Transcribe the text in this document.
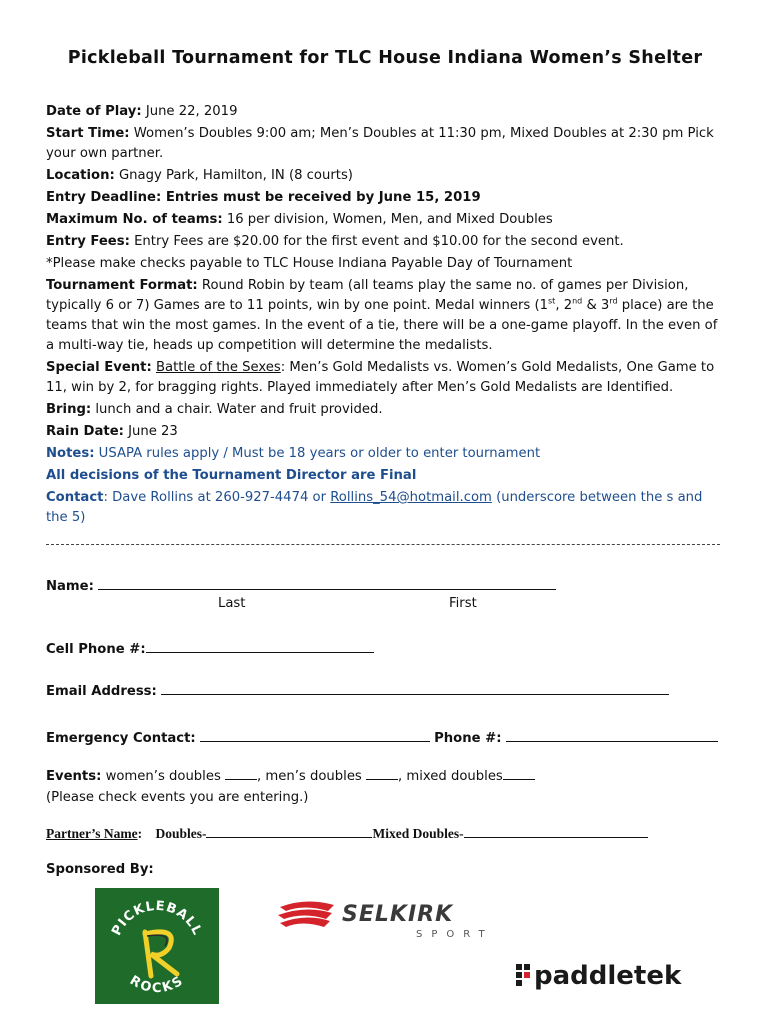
Pickleball Tournament for TLC House Indiana Women’s Shelter
Date of Play: June 22, 2019
Start Time: Women’s Doubles 9:00 am; Men’s Doubles at 11:30 pm, Mixed Doubles at 2:30 pm Pick your own partner.
Location: Gnagy Park, Hamilton, IN (8 courts)
Entry Deadline: Entries must be received by June 15, 2019
Maximum No. of teams: 16 per division, Women, Men, and Mixed Doubles
Entry Fees: Entry Fees are $20.00 for the first event and $10.00 for the second event.
*Please make checks payable to TLC House Indiana Payable Day of Tournament
Tournament Format: Round Robin by team (all teams play the same no. of games per Division, typically 6 or 7) Games are to 11 points, win by one point. Medal winners (1st, 2nd & 3rd place) are the teams that win the most games. In the event of a tie, there will be a one-game playoff. In the even of a multi-way tie, heads up competition will determine the medalists.
Special Event: Battle of the Sexes: Men’s Gold Medalists vs. Women’s Gold Medalists, One Game to 11, win by 2, for bragging rights. Played immediately after Men’s Gold Medalists are Identified.
Bring: lunch and a chair. Water and fruit provided.
Rain Date: June 23
Notes: USAPA rules apply / Must be 18 years or older to enter tournament
All decisions of the Tournament Director are Final
Contact: Dave Rollins at 260-927-4474 or Rollins_54@hotmail.com (underscore between the s and the 5)
Name:
Last	First
Cell Phone #:
Email Address:
Emergency Contact:	Phone #:
Events: women’s doubles	, men’s doubles	, mixed doubles
(Please check events you are entering.)
Partner’s Name: Doubles-	Mixed Doubles-
Sponsored By:
PICKLEBALL
ROCKS
SELKIRK
SPORT
paddletek
